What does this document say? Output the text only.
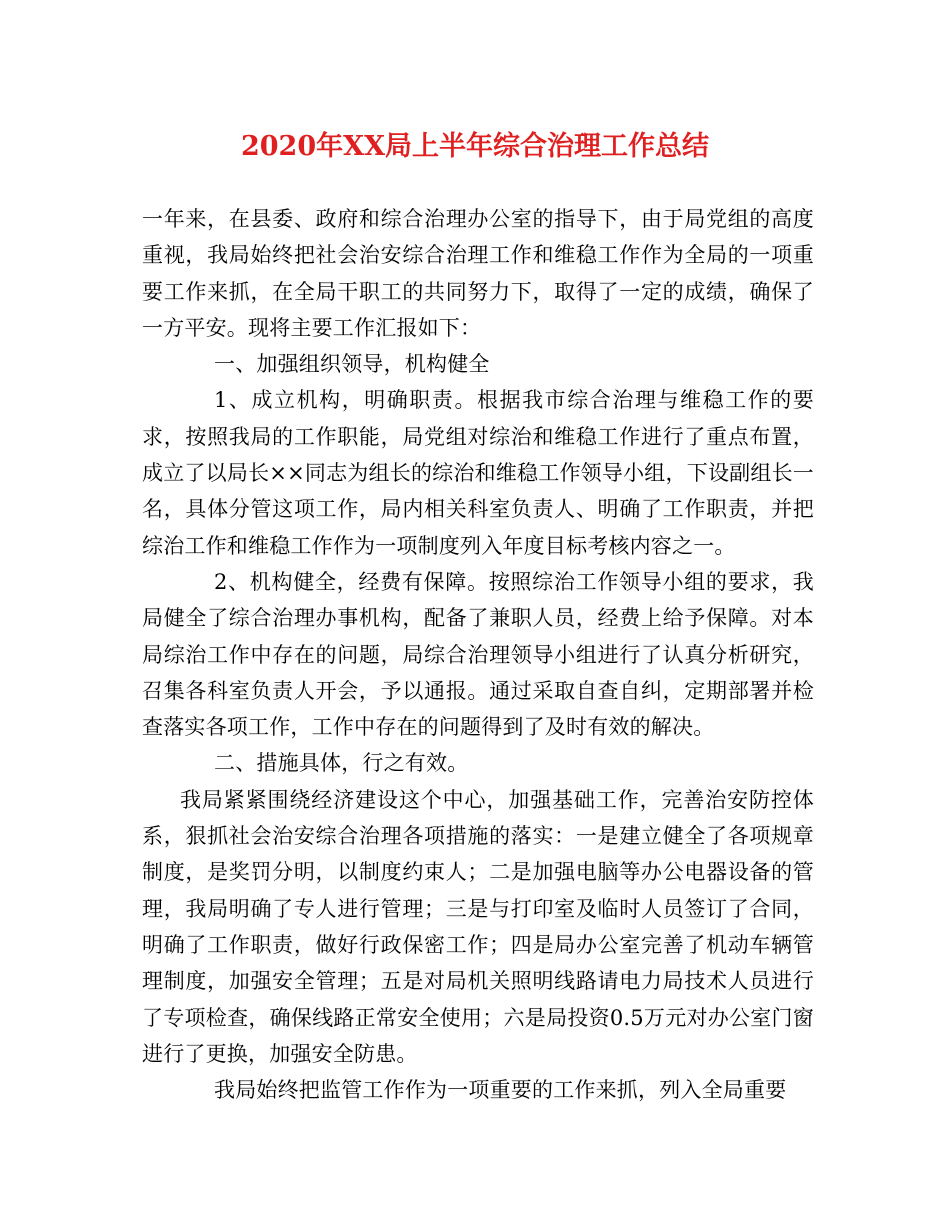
2020年XX局上半年综合治理工作总结

一年来，在县委、政府和综合治理办公室的指导下，由于局党组的高度重视，我局始终把社会治安综合治理工作和维稳工作作为全局的一项重要工作来抓，在全局干职工的共同努力下，取得了一定的成绩，确保了一方平安。现将主要工作汇报如下：

一、加强组织领导，机构健全

1、成立机构，明确职责。根据我市综合治理与维稳工作的要求，按照我局的工作职能，局党组对综治和维稳工作进行了重点布置，成立了以局长××同志为组长的综治和维稳工作领导小组，下设副组长一名，具体分管这项工作，局内相关科室负责人、明确了工作职责，并把综治工作和维稳工作作为一项制度列入年度目标考核内容之一。

2、机构健全，经费有保障。按照综治工作领导小组的要求，我局健全了综合治理办事机构，配备了兼职人员，经费上给予保障。对本局综治工作中存在的问题，局综合治理领导小组进行了认真分析研究，召集各科室负责人开会，予以通报。通过采取自查自纠，定期部署并检查落实各项工作，工作中存在的问题得到了及时有效的解决。

二、措施具体，行之有效。

我局紧紧围绕经济建设这个中心，加强基础工作，完善治安防控体系，狠抓社会治安综合治理各项措施的落实：一是建立健全了各项规章制度，是奖罚分明，以制度约束人；二是加强电脑等办公电器设备的管理，我局明确了专人进行管理；三是与打印室及临时人员签订了合同，明确了工作职责，做好行政保密工作；四是局办公室完善了机动车辆管理制度，加强安全管理；五是对局机关照明线路请电力局技术人员进行了专项检查，确保线路正常安全使用；六是局投资0.5万元对办公室门窗进行了更换，加强安全防患。

我局始终把监管工作作为一项重要的工作来抓，列入全局重要
